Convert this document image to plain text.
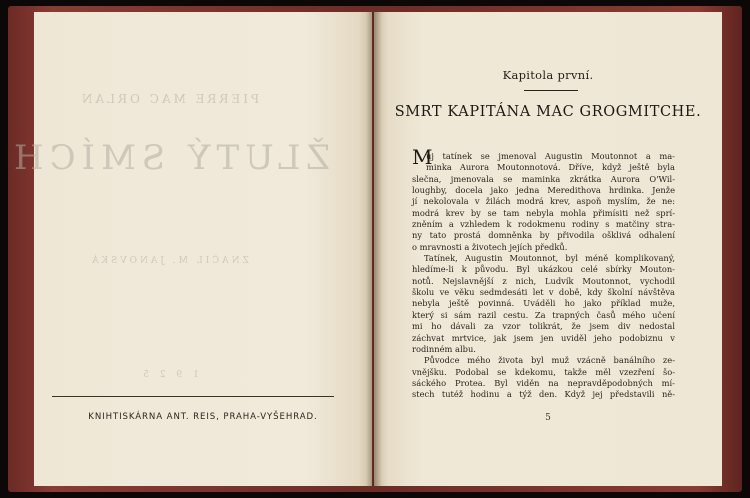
PIERRE MAC ORLAN
ŽLUTÝ SMÍCH
ZNAČIL M. JANOVSKÁ
1 9 2 5
KNIHTISKÁRNA ANT. REIS, PRAHA-VYŠEHRAD.
Kapitola první.
SMRT KAPITÁNA MAC GROGMITCHE.
M
ůj tatínek se jmenoval Augustin Moutonnot a ma-
minka Aurora Moutonnotová. Dříve, když ještě byla
slečna, jmenovala se maminka zkrátka Aurora O'Wil-
loughby, docela jako jedna Meredithova hrdinka. Jenže
jí nekolovala v žilách modrá krev, aspoň myslím, že ne:
modrá krev by se tam nebyla mohla přimísiti než sprí-
zněním a vzhledem k rodokmenu rodiny s matčiny stra-
ny tato prostá domněnka by přivodila ošklivá odhalení
o mravnosti a životech jejích předků.
Tatínek, Augustin Moutonnot, byl méně komplikovaný,
hledíme-li k původu. Byl ukázkou celé sbírky Mouton-
notů. Nejslavnější z nich, Ludvík Moutonnot, vychodil
školu ve věku sedmdesáti let v době, kdy školní návštěva
nebyla ještě povinná. Uváděli ho jako příklad muže,
který si sám razil cestu. Za trapných časů mého učení
mi ho dávali za vzor tolikrát, že jsem div nedostal
záchvat mrtvice, jak jsem jen uviděl jeho podobiznu v
rodinném albu.
Původce mého života byl muž vzácně banálního ze-
vnějšku. Podobal se kdekomu, takže měl vzezření šo-
sáckého Protea. Byl viděn na nepravděpodobných mí-
stech tutéž hodinu a týž den. Když jej představili ně-
5
